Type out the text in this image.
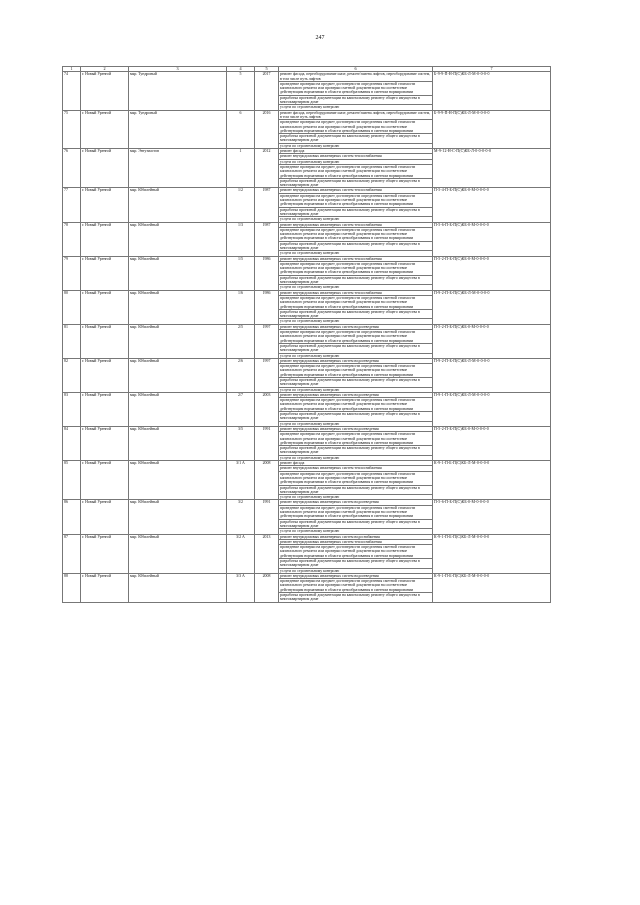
247
1	2	3	4	5	6	7
74	г. Новый Уренгой	мкр. Тундровый	5	2017	ремонт фасада, переоборудование шахт, ремонт/замена лифтов, переоборудование систем, в том числе путь лифтов	Б-9-9-П-Н-П(С)КБ-Л-М-0-0-0-0
					проведение проверки на предмет достоверности определения сметной стоимости капитального ремонта или проверки сметной документации на соответствие действующим нормативам в области ценообразования в сметном нормировании	
					разработка проектной документации на капитальному ремонту общего имущества в многоквартирном доме	
					услуги по строительному контролю	
75	г. Новый Уренгой	мкр. Тундровый	6	2016	ремонт фасада, переоборудование шахт, ремонт/замена лифтов, переоборудование систем, в том числе путь лифтов	Б-9-9-П-Н-П(С)КБ-Л-М-0-0-0-0
					проведение проверки на предмет достоверности определения сметной стоимости капитального ремонта или проверки сметной документации на соответствие действующим нормативам в области ценообразования в сметном нормировании	
					разработка проектной документации на капитальному ремонту общего имущества в многоквартирном доме	
					услуги по строительному контролю	
76	г. Новый Уренгой	мкр. Энтузиастов	1	2012	ремонт фасада	М-9-12-Н-С-П(С)КБ-Л-0-0-0-0-0
					ремонт внутридомовых инженерных систем теплоснабжения	
					услуги по строительному контролю	
					проведение проверки на предмет достоверности определения сметной стоимости капитального ремонта или проверки сметной документации на соответствие действующим нормативам в области ценообразования в сметном нормировании	
					разработка проектной документации на капитальному ремонту общего имущества в многоквартирном доме	
77	г. Новый Уренгой	мкр. Юбилейный	1/2	1987	ремонт внутридомовых инженерных систем теплоснабжения	П-5-4-П-Б-П(С)КБ-0-М-0-0-0-0
					проведение проверки на предмет достоверности определения сметной стоимости капитального ремонта или проверки сметной документации на соответствие действующим нормативам в области ценообразования в сметном нормировании	
					разработка проектной документации на капитальному ремонту общего имущества в многоквартирном доме	
					услуги по строительному контролю	
78	г. Новый Уренгой	мкр. Юбилейный	1/3	1987	ремонт внутридомовых инженерных систем теплоснабжения	П-5-6-П-Б-П(С)КБ-0-М-0-0-0-0
					проведение проверки на предмет достоверности определения сметной стоимости капитального ремонта или проверки сметной документации на соответствие действующим нормативам в области ценообразования в сметном нормировании	
					разработка проектной документации на капитальному ремонту общего имущества в многоквартирном доме	
					услуги по строительному контролю	
79	г. Новый Уренгой	мкр. Юбилейный	1/5	1986	ремонт внутридомовых инженерных систем теплоснабжения	П-5-2-П-Б-П(С)КБ-0-М-0-0-0-0
					проведение проверки на предмет достоверности определения сметной стоимости капитального ремонта или проверки сметной документации на соответствие действующим нормативам в области ценообразования в сметном нормировании	
					разработка проектной документации на капитальному ремонту общего имущества в многоквартирном доме	
					услуги по строительному контролю	
80	г. Новый Уренгой	мкр. Юбилейный	1/6	1986	ремонт внутридомовых инженерных систем теплоснабжения	П-9-2-П-Б-П(С)КБ-Л-М-0-0-0-0
					проведение проверки на предмет достоверности определения сметной стоимости капитального ремонта или проверки сметной документации на соответствие действующим нормативам в области ценообразования в сметном нормировании	
					разработка проектной документации на капитальному ремонту общего имущества в многоквартирном доме	
					услуги по строительному контролю	
81	г. Новый Уренгой	мкр. Юбилейный	2/5	1997	ремонт внутридомовых инженерных систем водоотведения	П-5-2-П-Б-П(С)КБ-0-М-0-0-0-0
					проведение проверки на предмет достоверности определения сметной стоимости капитального ремонта или проверки сметной документации на соответствие действующим нормативам в области ценообразования в сметном нормировании	
					разработка проектной документации на капитальному ремонту общего имущества в многоквартирном доме	
					услуги по строительному контролю	
82	г. Новый Уренгой	мкр. Юбилейный	2/6	1997	ремонт внутридомовых инженерных систем водоотведения	П-9-2-П-Б-П(С)КБ-Л-М-0-0-0-0
					проведение проверки на предмет достоверности определения сметной стоимости капитального ремонта или проверки сметной документации на соответствие действующим нормативам в области ценообразования в сметном нормировании	
					разработка проектной документации на капитальному ремонту общего имущества в многоквартирном доме	
					услуги по строительному контролю	
83	г. Новый Уренгой	мкр. Юбилейный	2/7	2003	ремонт внутридомовых инженерных систем водоотведения	П-9-1-П-Б-П(С)КБ-Л-М-0-0-0-0
					проведение проверки на предмет достоверности определения сметной стоимости капитального ремонта или проверки сметной документации на соответствие действующим нормативам в области ценообразования в сметном нормировании	
					разработка проектной документации на капитальному ремонту общего имущества в многоквартирном доме	
					услуги по строительному контролю	
84	г. Новый Уренгой	мкр. Юбилейный	3/5	1991	ремонт внутридомовых инженерных систем водоотведения	П-5-2-П-Б-П(С)КБ-0-М-0-0-0-0
					проведение проверки на предмет достоверности определения сметной стоимости капитального ремонта или проверки сметной документации на соответствие действующим нормативам в области ценообразования в сметном нормировании	
					разработка проектной документации на капитальному ремонту общего имущества в многоквартирном доме	
					услуги по строительному контролю	
85	г. Новый Уренгой	мкр. Юбилейный	3/1 А	2008	ремонт фасада	К-9-1-П-Б-П(С)КБ-Л-М-0-0-0-0
					ремонт внутридомовых инженерных систем теплоснабжения	
					проведение проверки на предмет достоверности определения сметной стоимости капитального ремонта или проверки сметной документации на соответствие действующим нормативам в области ценообразования в сметном нормировании	
					разработка проектной документации на капитальному ремонту общего имущества в многоквартирном доме	
					услуги по строительному контролю	
86	г. Новый Уренгой	мкр. Юбилейный	3/2	1991	ремонт внутридомовых инженерных систем водоотведения	П-5-6-П-Б-П(С)КБ-0-М-0-0-0-0
					проведение проверки на предмет достоверности определения сметной стоимости капитального ремонта или проверки сметной документации на соответствие действующим нормативам в области ценообразования в сметном нормировании	
					разработка проектной документации на капитальному ремонту общего имущества в многоквартирном доме	
					услуги по строительному контролю	
87	г. Новый Уренгой	мкр. Юбилейный	3/2 А	2013	ремонт внутридомовых инженерных систем водоснабжения	К-9-1-П-Б-П(С)КБ-Л-М-0-0-0-0
					ремонт внутридомовых инженерных систем теплоснабжения	
					проведение проверки на предмет достоверности определения сметной стоимости капитального ремонта или проверки сметной документации на соответствие действующим нормативам в области ценообразования в сметном нормировании	
					разработка проектной документации на капитальному ремонту общего имущества в многоквартирном доме	
					услуги по строительному контролю	
88	г. Новый Уренгой	мкр. Юбилейный	3/3 А	2008	ремонт внутридомовых инженерных систем водоотведения	К-9-1-П-Б-П(С)КБ-Л-М-0-0-0-0
					проведение проверки на предмет достоверности определения сметной стоимости капитального ремонта или проверки сметной документации на соответствие действующим нормативам в области ценообразования в сметном нормировании	
					разработка проектной документации на капитальному ремонту общего имущества в многоквартирном доме	
